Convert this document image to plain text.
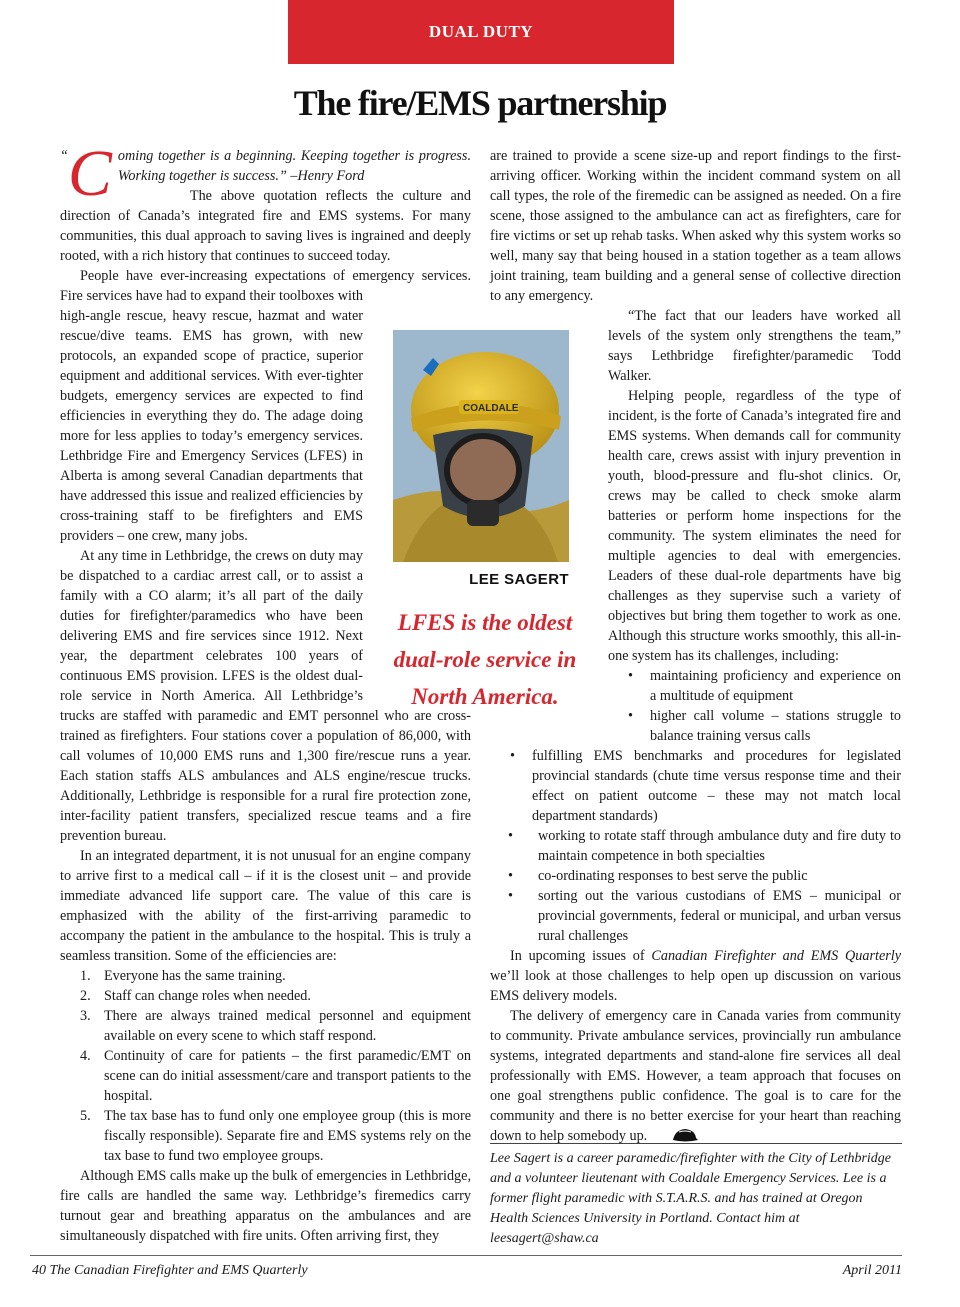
DUAL DUTY
The fire/EMS partnership

“ C oming together is a beginning. Keeping together is progress. Working together is success.” –Henry Ford

The above quotation reflects the culture and direction of Canada’s integrated fire and EMS systems. For many communities, this dual approach to saving lives is ingrained and deeply rooted, with a rich history that continues to succeed today.

People have ever-increasing expectations of emergency services. Fire services have had to expand their toolboxes with high-angle rescue, heavy rescue, hazmat and water rescue/dive teams. EMS has grown, with new protocols, an expanded scope of practice, superior equipment and additional services. With ever-tighter budgets, emergency services are expected to find efficiencies in everything they do. The adage doing more for less applies to today’s emergency services. Lethbridge Fire and Emergency Services (LFES) in Alberta is among several Canadian departments that have addressed this issue and realized efficiencies by cross-training staff to be firefighters and EMS providers – one crew, many jobs.

At any time in Lethbridge, the crews on duty may be dispatched to a cardiac arrest call, or to assist a family with a CO alarm; it’s all part of the daily duties for firefighter/paramedics who have been delivering EMS and fire services since 1912. Next year, the department celebrates 100 years of continuous EMS provision. LFES is the oldest dual-role service in North America. All Lethbridge’s trucks are staffed with paramedic and EMT personnel who are cross-trained as firefighters. Four stations cover a population of 86,000, with call volumes of 10,000 EMS runs and 1,300 fire/rescue runs a year. Each station staffs ALS ambulances and ALS engine/rescue trucks. Additionally, Lethbridge is responsible for a rural fire protection zone, inter-facility patient transfers, specialized rescue teams and a fire prevention bureau.

In an integrated department, it is not unusual for an engine company to arrive first to a medical call – if it is the closest unit – and provide immediate advanced life support care. The value of this care is emphasized with the ability of the first-arriving paramedic to accompany the patient in the ambulance to the hospital. This is truly a seamless transition. Some of the efficiencies are:

1. Everyone has the same training.
2. Staff can change roles when needed.
3. There are always trained medical personnel and equipment available on every scene to which staff respond.
4. Continuity of care for patients – the first paramedic/EMT on scene can do initial assessment/care and transport patients to the hospital.
5. The tax base has to fund only one employee group (this is more fiscally responsible). Separate fire and EMS systems rely on the tax base to fund two employee groups.

Although EMS calls make up the bulk of emergencies in Lethbridge, fire calls are handled the same way. Lethbridge’s firemedics carry turnout gear and breathing apparatus on the ambulances and are simultaneously dispatched with fire units. Often arriving first, they

are trained to provide a scene size-up and report findings to the first-arriving officer. Working within the incident command system on all call types, the role of the firemedic can be assigned as needed. On a fire scene, those assigned to the ambulance can act as firefighters, care for fire victims or set up rehab tasks. When asked why this system works so well, many say that being housed in a station together as a team allows joint training, team building and a general sense of collective direction to any emergency.

“The fact that our leaders have worked all levels of the system only strengthens the team,” says Lethbridge firefighter/paramedic Todd Walker.

Helping people, regardless of the type of incident, is the forte of Canada’s integrated fire and EMS systems. When demands call for community health care, crews assist with injury prevention in youth, blood-pressure and flu-shot clinics. Or, crews may be called to check smoke alarm batteries or perform home inspections for the community. The system eliminates the need for multiple agencies to deal with emergencies. Leaders of these dual-role departments have big challenges as they supervise such a variety of objectives but bring them together to work as one. Although this structure works smoothly, this all-in-one system has its challenges, including:

•	maintaining proficiency and experience on a multitude of equipment
•	higher call volume – stations struggle to balance training versus calls
•	fulfilling EMS benchmarks and procedures for legislated provincial standards (chute time versus response time and their effect on patient outcome – these may not match local department standards)
•	working to rotate staff through ambulance duty and fire duty to maintain competence in both specialties
•	co-ordinating responses to best serve the public
•	sorting out the various custodians of EMS – municipal or provincial governments, federal or municipal, and urban versus rural challenges

In upcoming issues of Canadian Firefighter and EMS Quarterly we’ll look at those challenges to help open up discussion on various EMS delivery models.

The delivery of emergency care in Canada varies from community to community. Private ambulance services, provincially run ambulance systems, integrated departments and stand-alone fire services all deal professionally with EMS. However, a team approach that focuses on one goal strengthens public confidence. The goal is to care for the community and there is no better exercise for your heart than reaching down to help somebody up.

COALDALE
LEE SAGERT
LFES is the oldest dual-role service in North America.
Lee Sagert is a career paramedic/firefighter with the City of Lethbridge and a volunteer lieutenant with Coaldale Emergency Services. Lee is a former flight paramedic with S.T.A.R.S. and has trained at Oregon Health Sciences University in Portland. Contact him at leesagert@shaw.ca
40 The Canadian Firefighter and EMS Quarterly	April 2011
